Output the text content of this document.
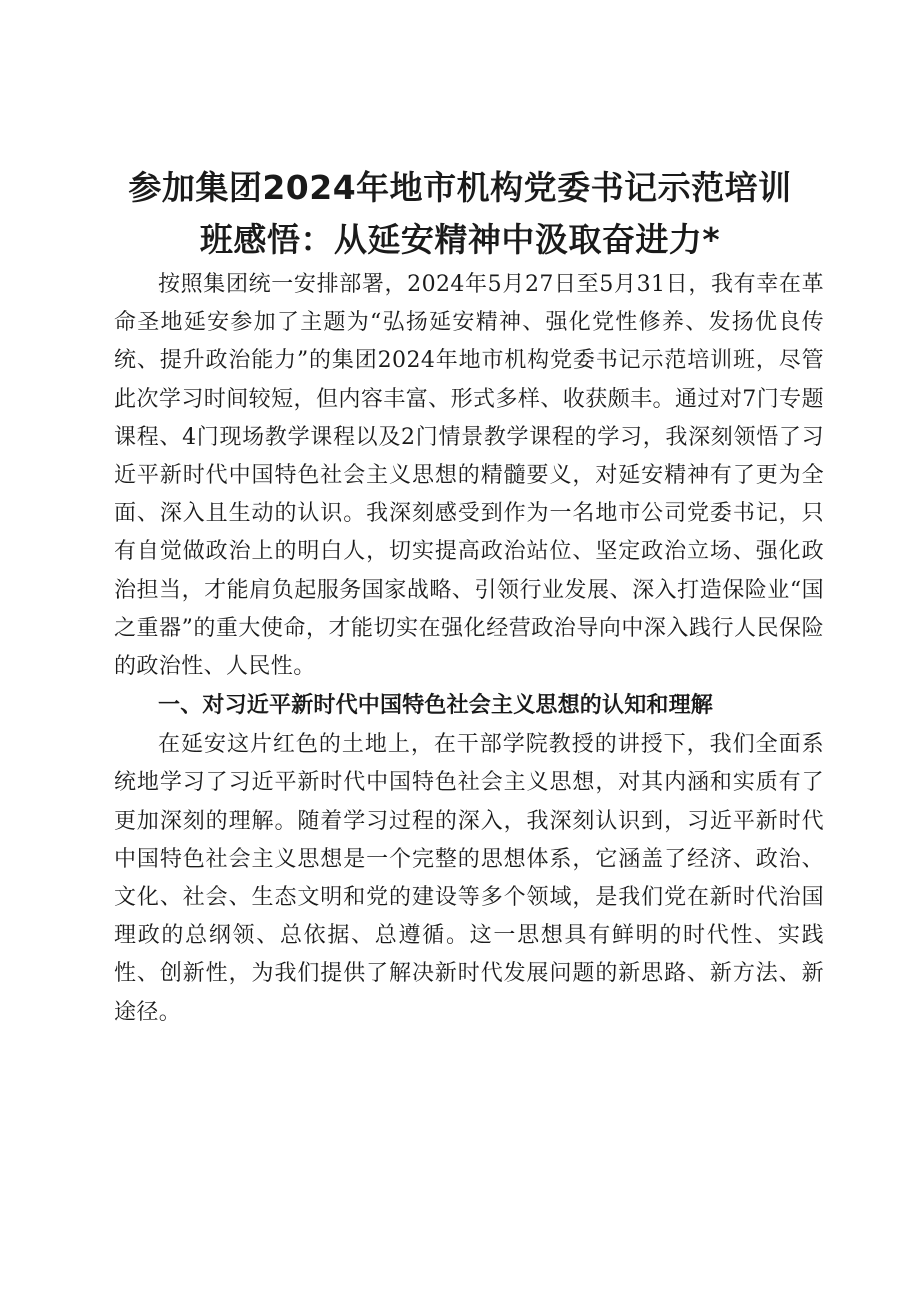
参加集团2024年地市机构党委书记示范培训
班感悟：从延安精神中汲取奋进力*

按照集团统一安排部署，2024年5月27日至5月31日，我有幸在革命圣地延安参加了主题为“弘扬延安精神、强化党性修养、发扬优良传统、提升政治能力”的集团2024年地市机构党委书记示范培训班，尽管此次学习时间较短，但内容丰富、形式多样、收获颇丰。通过对7门专题课程、4门现场教学课程以及2门情景教学课程的学习，我深刻领悟了习近平新时代中国特色社会主义思想的精髓要义，对延安精神有了更为全面、深入且生动的认识。我深刻感受到作为一名地市公司党委书记，只有自觉做政治上的明白人，切实提高政治站位、坚定政治立场、强化政治担当，才能肩负起服务国家战略、引领行业发展、深入打造保险业“国之重器”的重大使命，才能切实在强化经营政治导向中深入践行人民保险的政治性、人民性。

一、对习近平新时代中国特色社会主义思想的认知和理解

在延安这片红色的土地上，在干部学院教授的讲授下，我们全面系统地学习了习近平新时代中国特色社会主义思想，对其内涵和实质有了更加深刻的理解。随着学习过程的深入，我深刻认识到，习近平新时代中国特色社会主义思想是一个完整的思想体系，它涵盖了经济、政治、文化、社会、生态文明和党的建设等多个领域，是我们党在新时代治国理政的总纲领、总依据、总遵循。这一思想具有鲜明的时代性、实践性、创新性，为我们提供了解决新时代发展问题的新思路、新方法、新途径。
